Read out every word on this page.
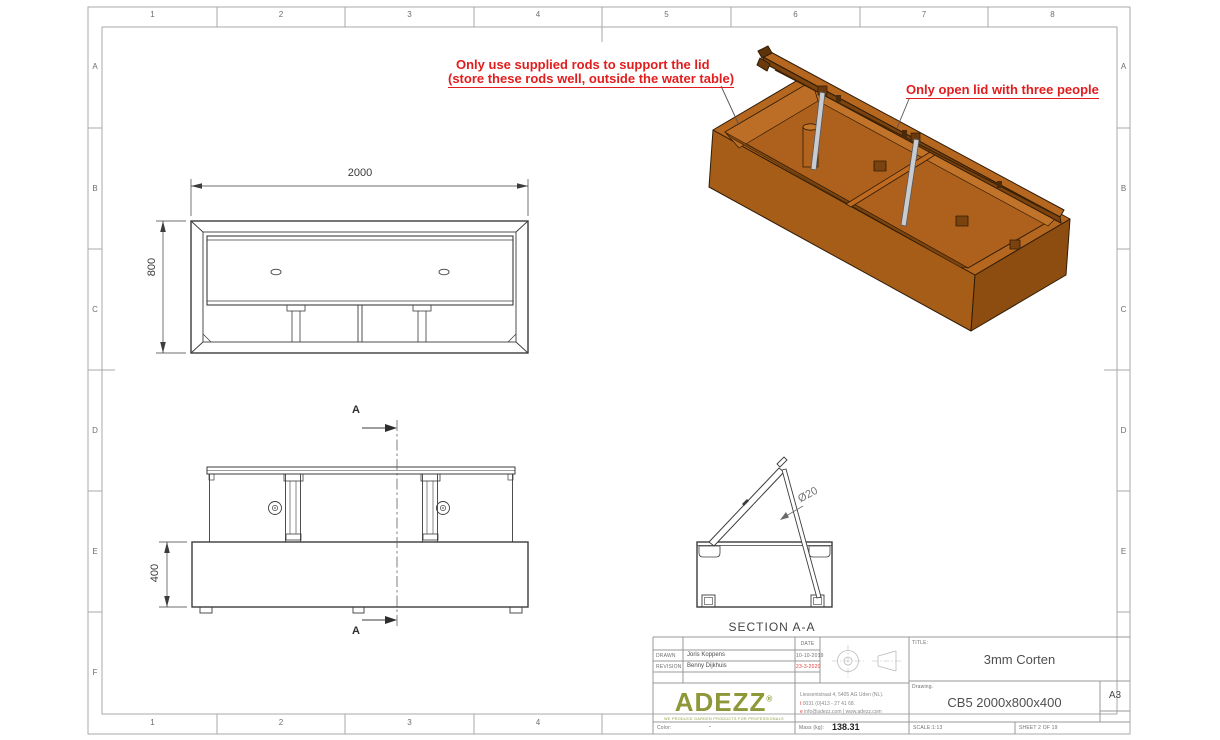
1	2	3	4	5	6	7	8
1	2	3	4
A
B
C
D
E
F
A
B
C
D
E
Only use supplied rods to support the lid
(store these rods well, outside the water table)
Only open lid with three people
2000
800
400
Ø20
A
A	SECTION A-A
DATE
DRAWN Joris Koppens	10-10-2019
REVISION Benny Dijkhuis	23-3-2020
ADEZZ®
WE PRODUCE GARDEN PRODUCTS FOR PROFESSIONALS
Liessentstraat 4, 5405 AG Uden (NL).
t 0031 (0)413 - 27 41 68.
e info@adezz.com | www.adezz.com
TITLE:
3mm Corten
Drawing.
CB5 2000x800x400	A3
Color:	-	Mass (kg): 138.31	SCALE:1:13	SHEET 2 OF 19
